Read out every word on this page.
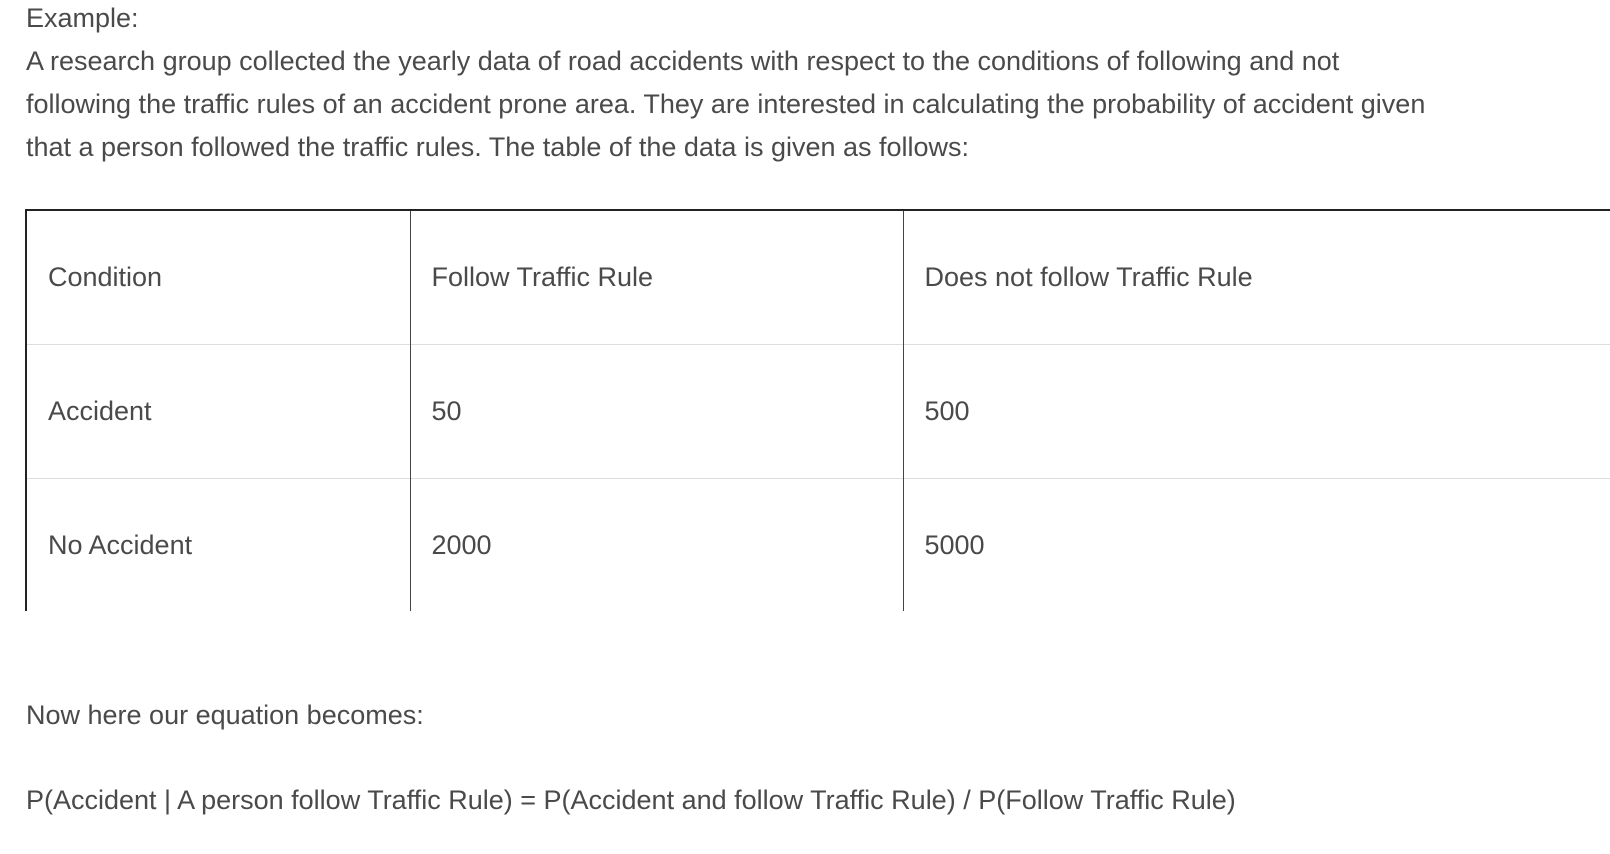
Example:

A research group collected the yearly data of road accidents with respect to the conditions of following and not following the traffic rules of an accident prone area. They are interested in calculating the probability of accident given that a person followed the traffic rules. The table of the data is given as follows:

Condition	Follow Traffic Rule	Does not follow Traffic Rule
Accident	50	500
No Accident	2000	5000

Now here our equation becomes:

P(Accident | A person follow Traffic Rule) = P(Accident and follow Traffic Rule) / P(Follow Traffic Rule)
